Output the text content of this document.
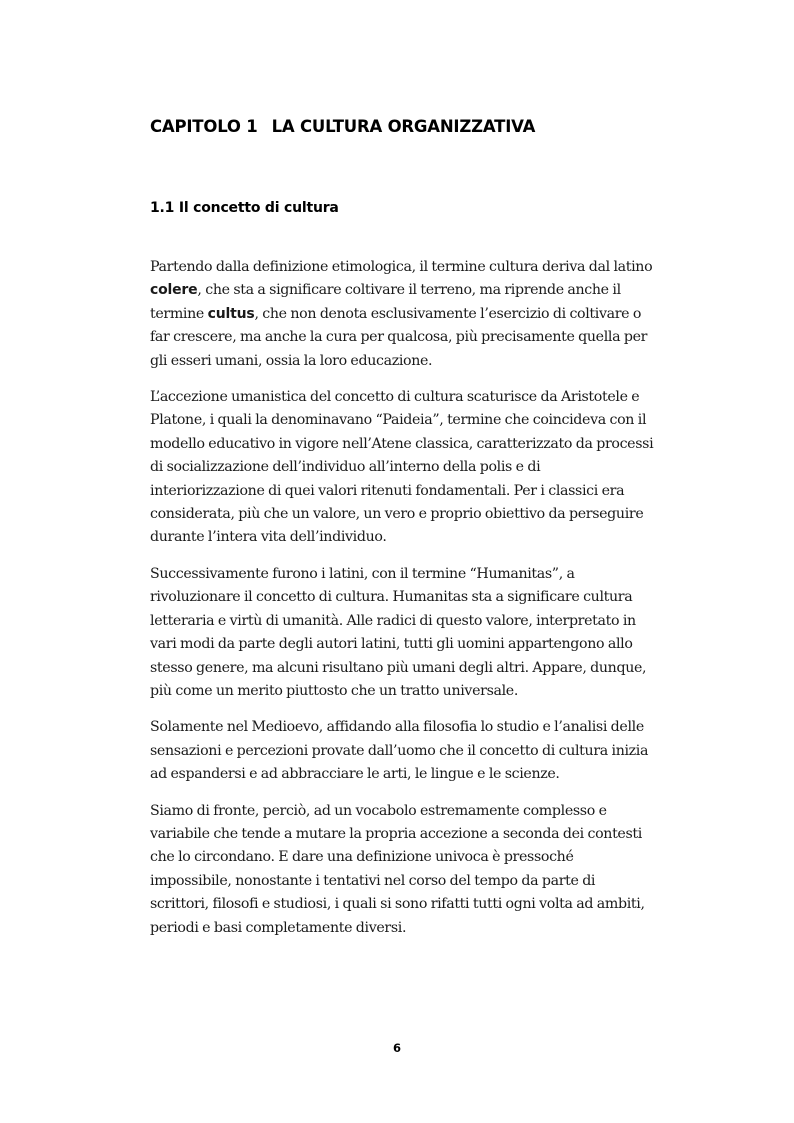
CAPITOLO 1 LA CULTURA ORGANIZZATIVA
1.1 Il concetto di cultura

Partendo dalla definizione etimologica, il termine cultura deriva dal latino
colere, che sta a significare coltivare il terreno, ma riprende anche il
termine cultus, che non denota esclusivamente l’esercizio di coltivare o
far crescere, ma anche la cura per qualcosa, più precisamente quella per
gli esseri umani, ossia la loro educazione.

L’accezione umanistica del concetto di cultura scaturisce da Aristotele e
Platone, i quali la denominavano “Paideia”, termine che coincideva con il
modello educativo in vigore nell’Atene classica, caratterizzato da processi
di socializzazione dell’individuo all’interno della polis e di
interiorizzazione di quei valori ritenuti fondamentali. Per i classici era
considerata, più che un valore, un vero e proprio obiettivo da perseguire
durante l’intera vita dell’individuo.

Successivamente furono i latini, con il termine “Humanitas”, a
rivoluzionare il concetto di cultura. Humanitas sta a significare cultura
letteraria e virtù di umanità. Alle radici di questo valore, interpretato in
vari modi da parte degli autori latini, tutti gli uomini appartengono allo
stesso genere, ma alcuni risultano più umani degli altri. Appare, dunque,
più come un merito piuttosto che un tratto universale.

Solamente nel Medioevo, affidando alla filosofia lo studio e l’analisi delle
sensazioni e percezioni provate dall’uomo che il concetto di cultura inizia
ad espandersi e ad abbracciare le arti, le lingue e le scienze.

Siamo di fronte, perciò, ad un vocabolo estremamente complesso e
variabile che tende a mutare la propria accezione a seconda dei contesti
che lo circondano. E dare una definizione univoca è pressoché
impossibile, nonostante i tentativi nel corso del tempo da parte di
scrittori, filosofi e studiosi, i quali si sono rifatti tutti ogni volta ad ambiti,
periodi e basi completamente diversi.

6
